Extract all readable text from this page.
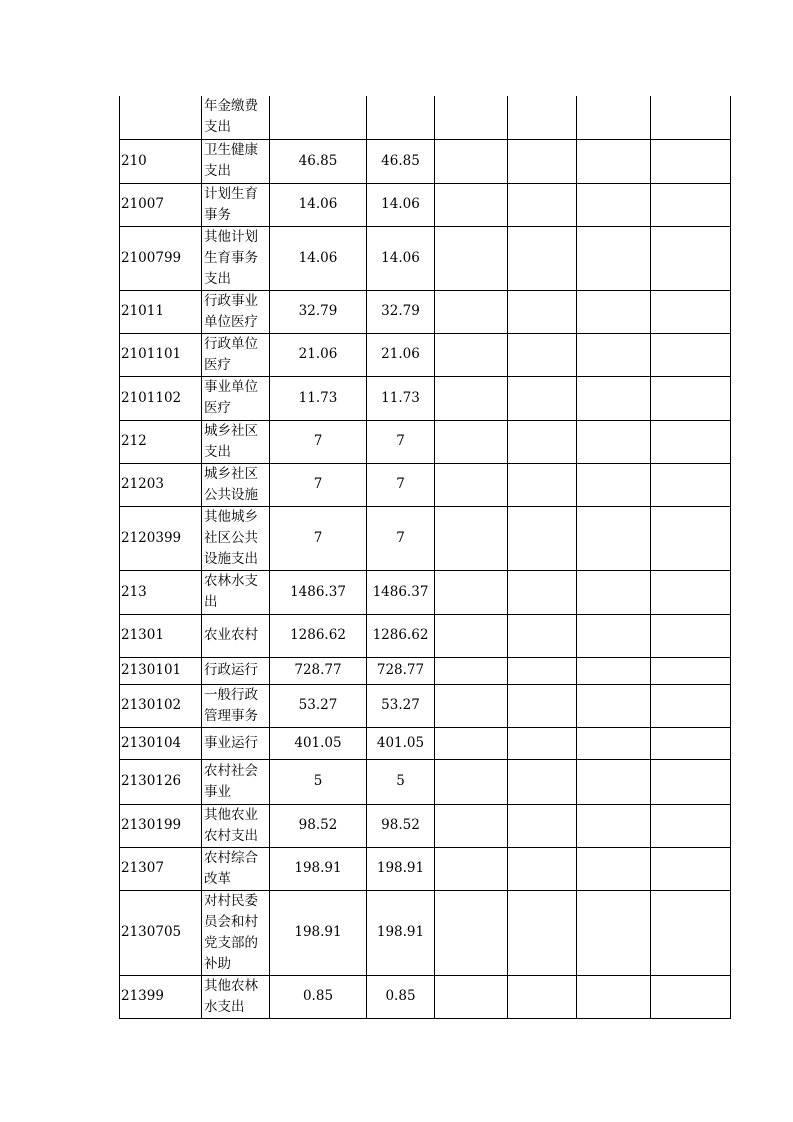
	年金缴费支出						
210	卫生健康支出	46.85	46.85				
21007	计划生育事务	14.06	14.06				
2100799	其他计划生育事务支出	14.06	14.06				
21011	行政事业单位医疗	32.79	32.79				
2101101	行政单位医疗	21.06	21.06				
2101102	事业单位医疗	11.73	11.73				
212	城乡社区支出	7	7				
21203	城乡社区公共设施	7	7				
2120399	其他城乡社区公共设施支出	7	7				
213	农林水支出	1486.37	1486.37				
21301	农业农村	1286.62	1286.62				
2130101	行政运行	728.77	728.77				
2130102	一般行政管理事务	53.27	53.27				
2130104	事业运行	401.05	401.05				
2130126	农村社会事业	5	5				
2130199	其他农业农村支出	98.52	98.52				
21307	农村综合改革	198.91	198.91				
2130705	对村民委员会和村党支部的补助	198.91	198.91				
21399	其他农林水支出	0.85	0.85				
